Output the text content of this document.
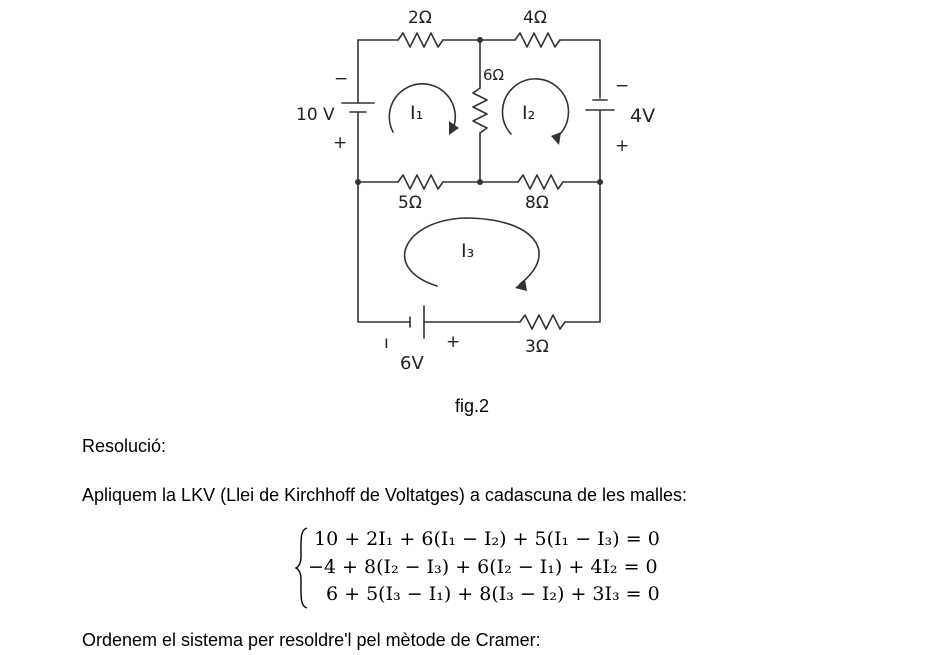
2Ω	4Ω
6Ω
5Ω	8Ω
3Ω
10 V	4V
6V
−
+
−
+
ı	+
I₁	I₂
I₃
fig.2
Resolució:
Apliquem la LKV (Llei de Kirchhoff de Voltatges) a cadascuna de les malles:
10 + 2I₁ + 6(I₁ − I₂) + 5(I₁ − I₃) = 0
−4 + 8(I₂ − I₃) + 6(I₂ − I₁) + 4I₂ = 0
6 + 5(I₃ − I₁) + 8(I₃ − I₂) + 3I₃ = 0
Ordenem el sistema per resoldre'l pel mètode de Cramer:
